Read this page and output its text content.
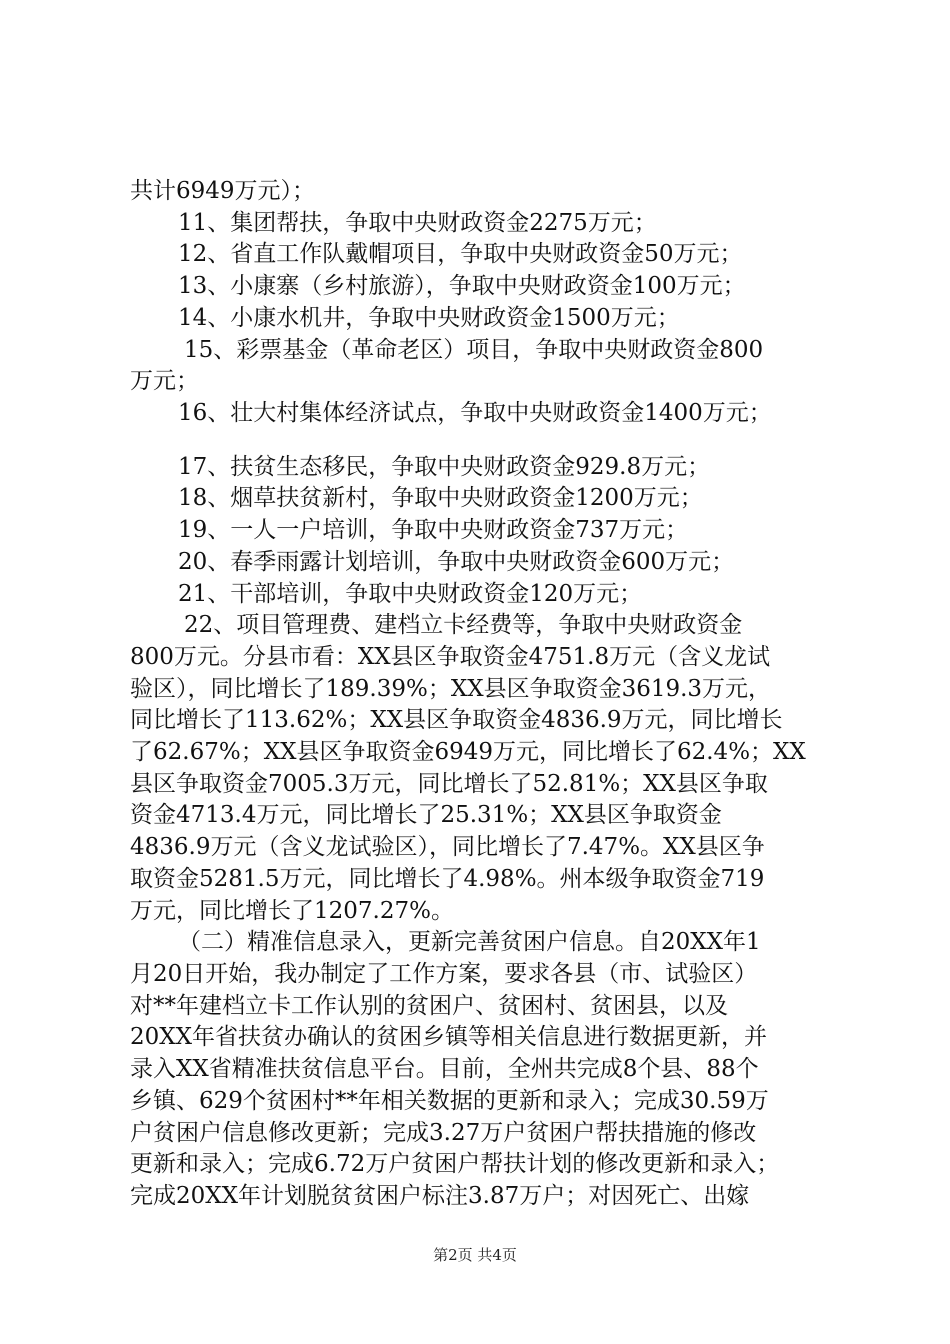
共计6949万元）；
11、集团帮扶，争取中央财政资金2275万元；
12、省直工作队戴帽项目，争取中央财政资金50万元；
13、小康寨（乡村旅游），争取中央财政资金100万元；
14、小康水机井，争取中央财政资金1500万元；
15、彩票基金（革命老区）项目，争取中央财政资金800
万元；
16、壮大村集体经济试点，争取中央财政资金1400万元；
17、扶贫生态移民，争取中央财政资金929.8万元；
18、烟草扶贫新村，争取中央财政资金1200万元；
19、一人一户培训，争取中央财政资金737万元；
20、春季雨露计划培训，争取中央财政资金600万元；
21、干部培训，争取中央财政资金120万元；
22、项目管理费、建档立卡经费等，争取中央财政资金
800万元。分县市看：XX县区争取资金4751.8万元（含义龙试
验区），同比增长了189.39%；XX县区争取资金3619.3万元，
同比增长了113.62%；XX县区争取资金4836.9万元，同比增长
了62.67%；XX县区争取资金6949万元，同比增长了62.4%；XX
县区争取资金7005.3万元，同比增长了52.81%；XX县区争取
资金4713.4万元，同比增长了25.31%；XX县区争取资金
4836.9万元（含义龙试验区），同比增长了7.47%。XX县区争
取资金5281.5万元，同比增长了4.98%。州本级争取资金719
万元，同比增长了1207.27%。
（二）精准信息录入，更新完善贫困户信息。自20XX年1
月20日开始，我办制定了工作方案，要求各县（市、试验区）
对**年建档立卡工作认别的贫困户、贫困村、贫困县，以及
20XX年省扶贫办确认的贫困乡镇等相关信息进行数据更新，并
录入XX省精准扶贫信息平台。目前，全州共完成8个县、88个
乡镇、629个贫困村**年相关数据的更新和录入；完成30.59万
户贫困户信息修改更新；完成3.27万户贫困户帮扶措施的修改
更新和录入；完成6.72万户贫困户帮扶计划的修改更新和录入；
完成20XX年计划脱贫贫困户标注3.87万户；对因死亡、出嫁
第2页 共4页
